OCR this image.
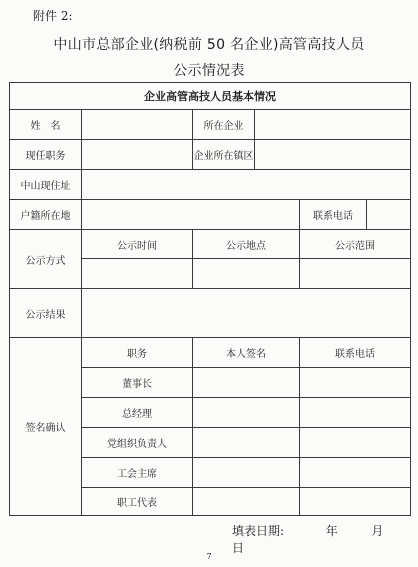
附件 2:
中山市总部企业(纳税前 50 名企业)高管高技人员
公示情况表
企业高管高技人员基本情况					
姓　名		所在企业			
现任职务		企业所在镇区			
中山现住址					
户籍所在地				联系电话	
公示方式	公示时间	公示地点		公示范围	

公示结果					
签名确认	职务	本人签名		联系电话	
	董事长				
	总经理				
	党组织负责人				
	工会主席				
	职工代表				
填表日期:	年	月  日
7
